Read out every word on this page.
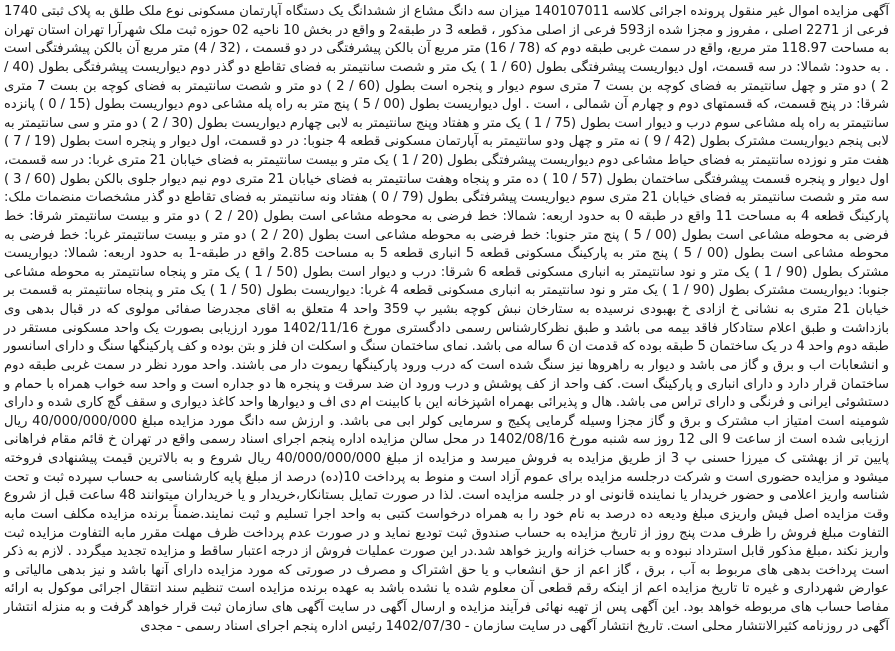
آگهی مزایده اموال غیر منقول پرونده اجرائی کلاسه 140107011 میزان سه دانگ مشاع از ششدانگ یک دستگاه آپارتمان مسکونی نوع ملک طلق به پلاک ثبتی 1740 فرعی از 2271 اصلی ، مفروز و مجزا شده از593 فرعی از اصلی مذکور ، قطعه 3 در طبقه2 و واقع در بخش 10 ناحیه 02 حوزه ثبت ملک شهرآرا تهران استان تهران به مساحت 118.97 متر مربع، واقع در سمت غربی طبقه دوم که (78 / 16) متر مربع آن بالکن پیشرفتگی در دو قسمت ، (32 / 4) متر مربع آن بالکن پیشرفتگی است . به حدود: شمالا: در سه قسمت، اول دیواریست پیشرفتگی بطول (60 / 1 ) یک متر و شصت سانتیمتر به فضای تقاطع دو گذر دوم دیواریست پیشرفتگی بطول (40 / 2 ) دو متر و چهل سانتیمتر به فضای کوچه بن بست 7 متری سوم دیوار و پنجره است بطول (60 / 2 ) دو متر و شصت سانتیمتر به فضای کوچه بن بست 7 متری شرقا: در پنج قسمت، که قسمتهای دوم و چهارم آن شمالی ، است . اول دیواریست بطول (00 / 5 ) پنج متر به راه پله مشاعی دوم دیواریست بطول (15 / 0 ) پانزده سانتیمتر به راه پله مشاعی سوم درب و دیوار است بطول (75 / 1 ) یک متر و هفتاد وپنج سانتیمتر به لابی چهارم دیواریست بطول (30 / 2 ) دو متر و سی سانتیمتر به لابی پنجم دیواریست مشترک بطول (42 / 9 ) نه متر و چهل ودو سانتیمتر به آپارتمان مسکونی قطعه 4 جنوبا: در دو قسمت، اول دیوار و پنجره است بطول (19 / 7 ) هفت متر و نوزده سانتیمتر به فضای حیاط مشاعی دوم دیواریست پیشرفتگی بطول (20 / 1 ) یک متر و بیست سانتیمتر به فضای خیابان 21 متری غربا: در سه قسمت، اول دیوار و پنجره قسمت پیشرفتگی ساختمان بطول (57 / 10 ) ده متر و پنجاه وهفت سانتیمتر به فضای خیابان 21 متری دوم نیم دیوار جلوی بالکن بطول (60 / 3 ) سه متر و شصت سانتیمتر به فضای خیابان 21 متری سوم دیواریست پیشرفتگی بطول (79 / 0 ) هفتاد ونه سانتیمتر به فضای تقاطع دو گذر مشخصات منضمات ملک: پارکینگ قطعه 4 به مساحت 11 واقع در طبقه 0 به حدود اربعه: شمالا: خط فرضی به محوطه مشاعی است بطول (20 / 2 ) دو متر و بیست سانتیمتر شرقا: خط فرضی به محوطه مشاعی است بطول (00 / 5 ) پنج متر جنوبا: خط فرضی به محوطه مشاعی است بطول (20 / 2 ) دو متر و بیست سانتیمتر غربا: خط فرضی به محوطه مشاعی است بطول (00 / 5 ) پنج متر به پارکینگ مسکونی قطعه 5 انباری قطعه 5 به مساحت 2.85 واقع در طبقه-1 به حدود اربعه: شمالا: دیواریست مشترک بطول (90 / 1 ) یک متر و نود سانتیمتر به انباری مسکونی قطعه 6 شرقا: درب و دیوار است بطول (50 / 1 ) یک متر و پنجاه سانتیمتر به محوطه مشاعی جنوبا: دیواریست مشترک بطول (90 / 1 ) یک متر و نود سانتیمتر به انباری مسکونی قطعه 4 غربا: دیواریست بطول (50 / 1 ) یک متر و پنجاه سانتیمتر به قسمت بر خیابان 21 متری به نشانی خ ازادی خ بهبودی نرسیده به ستارخان نبش کوچه بشیر پ 359 واحد 4 متعلق به اقای مجدرضا صفائی مولوی که در قبال بدهی وی بازداشت و طبق اعلام ستادکار فاقد بیمه می باشد و طبق نظرکارشناس رسمی دادگستری مورخ 1402/11/16 مورد ارزیابی بصورت یک واحد مسکونی مستقر در طبقه دوم واحد 4 در یک ساختمان 5 طبقه بوده که قدمت ان 6 ساله می باشد. نمای ساختمان سنگ و اسکلت ان فلز و بتن بوده و کف پارکینگها سنگ و دارای اسانسور و انشعابات اب و برق و گاز می باشد و دیوار به راهروها نیز سنگ شده است که درب ورود پارکینگها ریموت دار می باشند. واحد مورد نظر در سمت غربی طبقه دوم ساختمان قرار دارد و دارای انباری و پارکینگ است. کف واحد از کف پوشش و درب ورود ان ضد سرقت و پنجره ها دو جداره است و واحد سه خواب همراه با حمام و دستشوئی ایرانی و فرنگی و دارای تراس می باشد. هال و پذیرائی بهمراه اشپزخانه این با کابینت ام دی اف و دیوارها واحد کاغذ دیواری و سقف گچ کاری شده و دارای شومینه است امتیاز اب مشترک و برق و گاز مجزا وسیله گرمایی پکیج و سرمایی کولر ابی می باشد. و ارزش سه دانگ مورد مزایده مبلغ 40/000/000/000 ریال ارزیابی شده است از ساعت 9 الی 12 روز سه شنبه مورخ 1402/08/16 در محل سالن مزایده اداره پنجم اجرای اسناد رسمی واقع در تهران خ قائم مقام فراهانی پایین تر از بهشتی ک میرزا حسنی پ 3 از طریق مزایده به فروش میرسد و مزایده از مبلغ 40/000/000/000 ریال شروع و به بالاترین قیمت پیشنهادی فروخته میشود و مزایده حضوری است و شرکت درجلسه مزایده برای عموم آزاد است و منوط به پرداخت 10(ده) درصد از مبلغ پایه کارشناسی به حساب سپرده ثبت و تحت شناسه واریز اعلامی و حضور خریدار یا نماینده قانونی او در جلسه مزایده است. لذا در صورت تمایل بستانکار،خریدار و یا خریداران میتوانند 48 ساعت قبل از شروع وقت مزایده اصل فیش واریزی مبلغ ودیعه ده درصد به نام خود را به همراه درخواست کتبی به واحد اجرا تسلیم و ثبت نمایند.ضمناً برنده مزایده مکلف است مابه التفاوت مبلغ فروش را ظرف مدت پنج روز از تاریخ مزایده به حساب صندوق ثبت تودیع نماید و در صورت عدم پرداخت ظرف مهلت مقرر مابه التفاوت مزایده ثبت واریز نکند ،مبلغ مذکور قابل استرداد نبوده و به حساب خزانه واریز خواهد شد.در این صورت عملیات فروش از درجه اعتبار ساقط و مزایده تجدید میگردد . لازم به ذکر است پرداخت بدهی های مربوط به آب ، برق ، گاز اعم از حق انشعاب و یا حق اشتراک و مصرف در صورتی که مورد مزایده دارای آنها باشد و نیز بدهی مالیاتی و عوارض شهرداری و غیره تا تاریخ مزایده اعم از اینکه رقم قطعی آن معلوم شده یا نشده باشد به عهده برنده مزایده است تنظیم سند انتقال اجرائی موکول به ارائه مفاصا حساب های مربوطه خواهد بود. این آگهی پس از تهیه نهائی فرآیند مزایده و ارسال آگهی در سایت آگهی های سازمان ثبت قرار خواهد گرفت و به منزله انتشار آگهی در روزنامه کثیرالانتشار محلی است. تاریخ انتشار آگهی در سایت سازمان - 1402/07/30 رئیس اداره پنجم اجرای اسناد رسمی - مجدی
